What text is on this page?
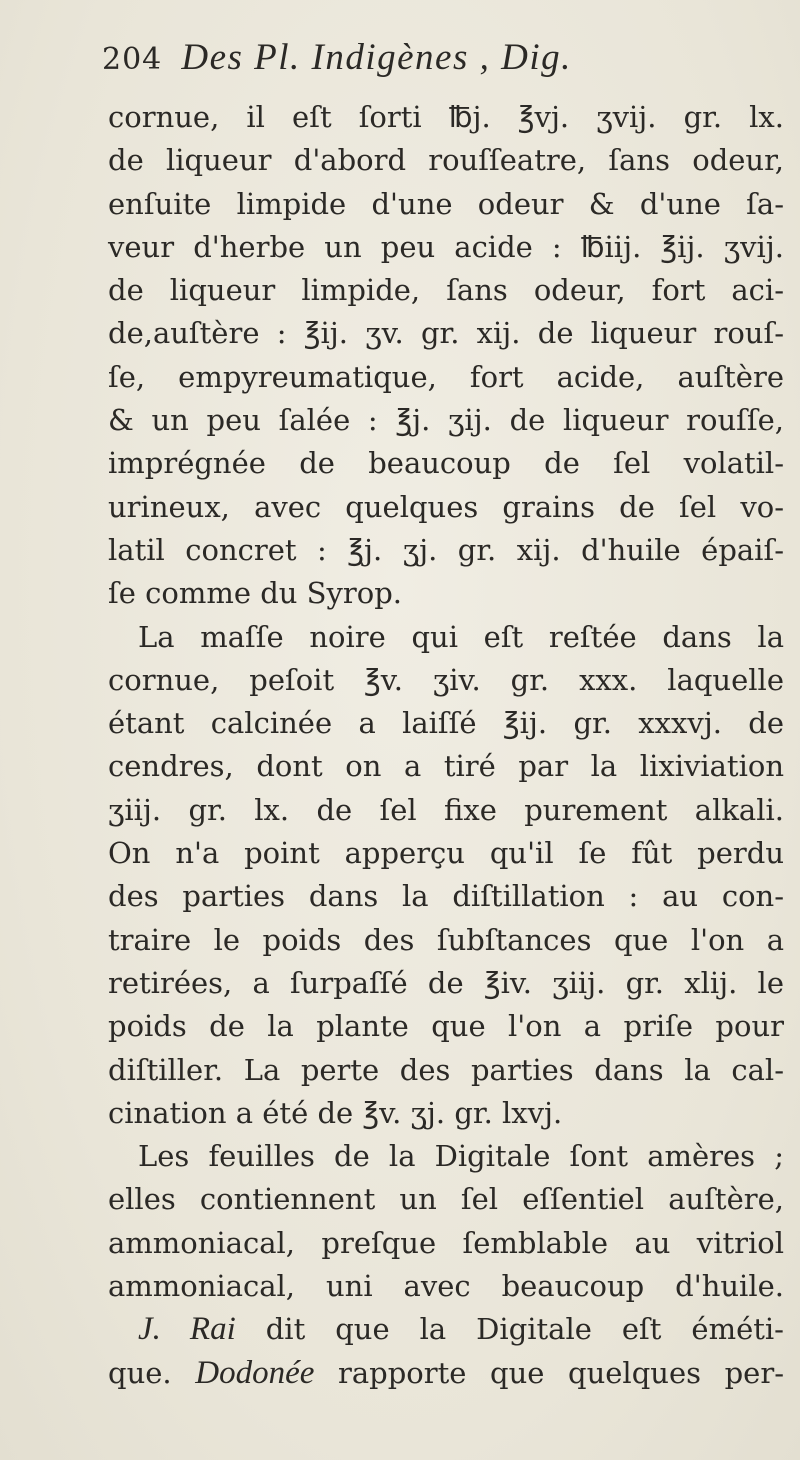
204 Des Pl. Indigènes , Dig.
cornue, il eſt ſorti ℔j. ℥vj. ʒvij. gr. lx.
de liqueur d'abord rouſſeatre, ſans odeur,
enſuite limpide d'une odeur & d'une ſa-
veur d'herbe un peu acide : ℔iij. ℥ij. ʒvij.
de liqueur limpide, ſans odeur, fort aci-
de,auſtère : ℥ij. ʒv. gr. xij. de liqueur rouſ-
ſe, empyreumatique, fort acide, auſtère
& un peu ſalée : ℥j. ʒij. de liqueur rouſſe,
imprégnée de beaucoup de ſel volatil-
urineux, avec quelques grains de ſel vo-
latil concret : ℥j. ʒj. gr. xij. d'huile épaiſ-
ſe comme du Syrop.
La maſſe noire qui eſt reſtée dans la
cornue, peſoit ℥v. ʒiv. gr. xxx. laquelle
étant calcinée a laiſſé ℥ij. gr. xxxvj. de
cendres, dont on a tiré par la lixiviation
ʒiij. gr. lx. de ſel fixe purement alkali.
On n'a point apperçu qu'il ſe fût perdu
des parties dans la diſtillation : au con-
traire le poids des ſubſtances que l'on a
retirées, a ſurpaſſé de ℥iv. ʒiij. gr. xlij. le
poids de la plante que l'on a priſe pour
diſtiller. La perte des parties dans la cal-
cination a été de ℥v. ʒj. gr. lxvj.
Les feuilles de la Digitale ſont amères ;
elles contiennent un ſel eſſentiel auſtère,
ammoniacal, preſque ſemblable au vitriol
ammoniacal, uni avec beaucoup d'huile.
J. Rai dit que la Digitale eſt éméti-
que. Dodonée rapporte que quelques per-
